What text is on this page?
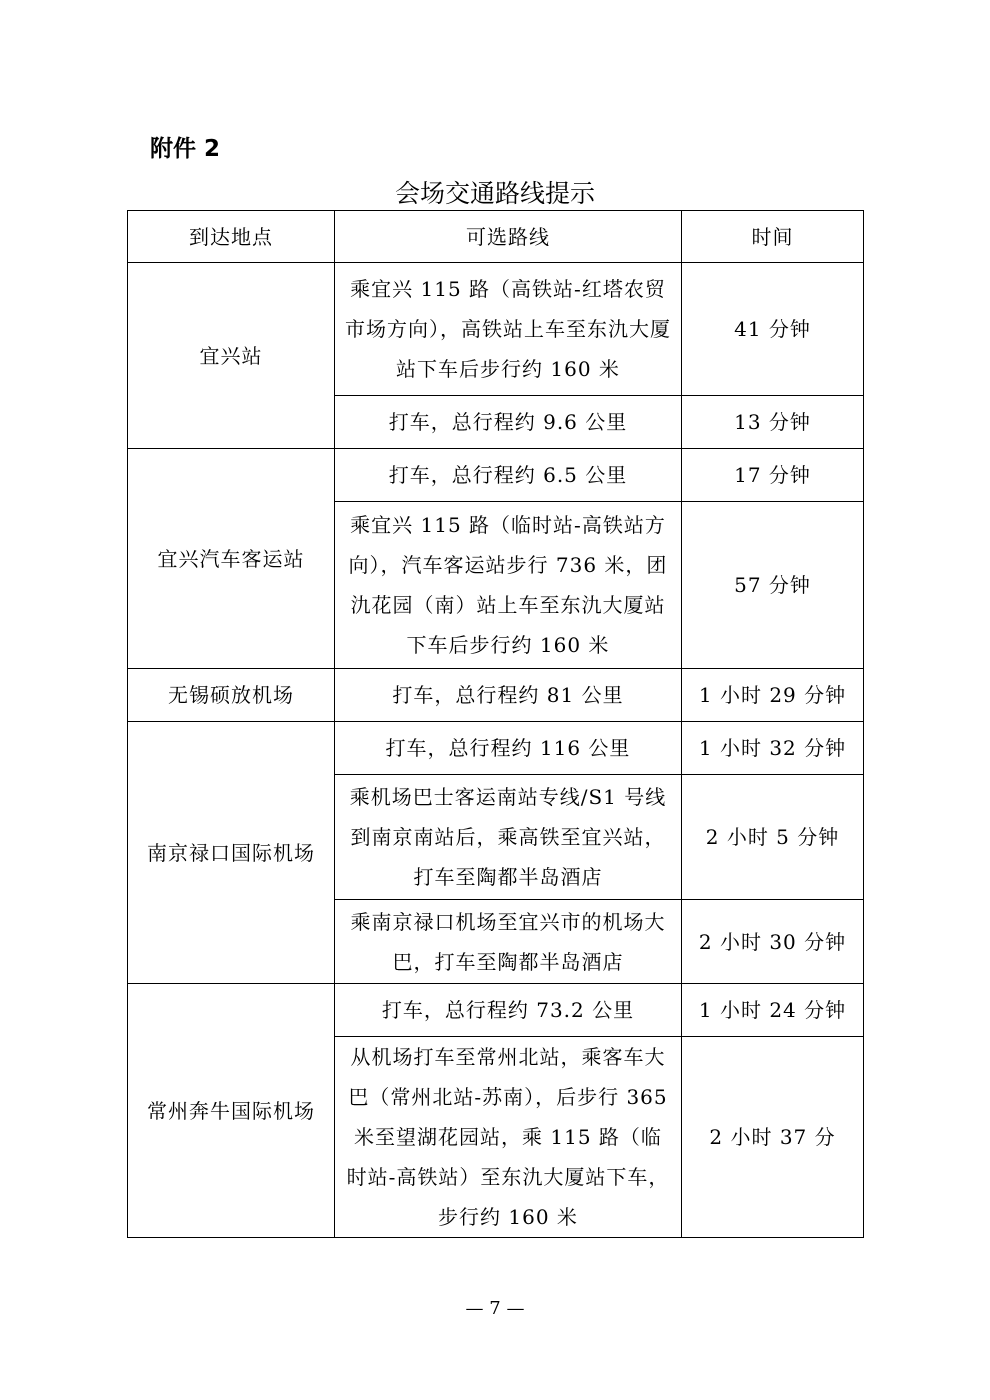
附件 2
会场交通路线提示
到达地点	可选路线	时间
宜兴站	乘宜兴 115 路（高铁站-红塔农贸市场方向），高铁站上车至东氿大厦站下车后步行约 160 米	41 分钟
	打车，总行程约 9.6 公里	13 分钟
宜兴汽车客运站	打车，总行程约 6.5 公里	17 分钟
	乘宜兴 115 路（临时站-高铁站方向），汽车客运站步行 736 米，团氿花园（南）站上车至东氿大厦站下车后步行约 160 米	57 分钟
无锡硕放机场	打车，总行程约 81 公里	1 小时 29 分钟
南京禄口国际机场	打车，总行程约 116 公里	1 小时 32 分钟
	乘机场巴士客运南站专线/S1 号线到南京南站后，乘高铁至宜兴站，打车至陶都半岛酒店	2 小时 5 分钟
	乘南京禄口机场至宜兴市的机场大巴，打车至陶都半岛酒店	2 小时 30 分钟
常州奔牛国际机场	打车，总行程约 73.2 公里	1 小时 24 分钟
	从机场打车至常州北站，乘客车大巴（常州北站-苏南），后步行 365 米至望湖花园站，乘 115 路（临时站-高铁站）至东氿大厦站下车，步行约 160 米	2 小时 37 分
— 7 —
